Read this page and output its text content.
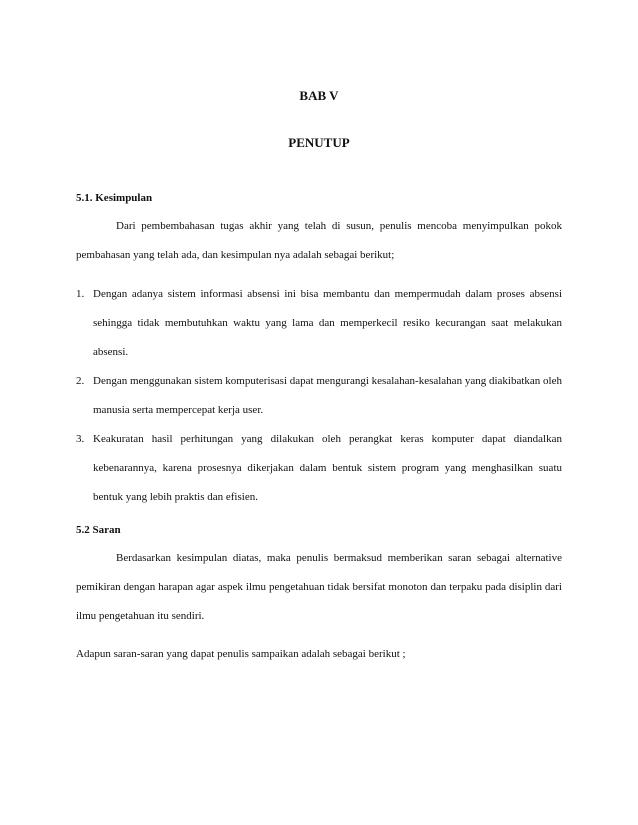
BAB V
PENUTUP
5.1. Kesimpulan

Dari pembembahasan tugas akhir yang telah di susun, penulis mencoba menyimpulkan pokok pembahasan yang telah ada, dan kesimpulan nya adalah sebagai berikut;

1. Dengan adanya sistem informasi absensi ini bisa membantu dan mempermudah dalam proses absensi sehingga tidak membutuhkan waktu yang lama dan memperkecil resiko kecurangan saat melakukan absensi.
2. Dengan menggunakan sistem komputerisasi dapat mengurangi kesalahan-kesalahan yang diakibatkan oleh manusia serta mempercepat kerja user.
3. Keakuratan hasil perhitungan yang dilakukan oleh perangkat keras komputer dapat diandalkan kebenarannya, karena prosesnya dikerjakan dalam bentuk sistem program yang menghasilkan suatu bentuk yang lebih praktis dan efisien.
5.2 Saran

Berdasarkan kesimpulan diatas, maka penulis bermaksud memberikan saran sebagai alternative pemikiran dengan harapan agar aspek ilmu pengetahuan tidak bersifat monoton dan terpaku pada disiplin dari ilmu pengetahuan itu sendiri.

Adapun saran-saran yang dapat penulis sampaikan adalah sebagai berikut ;
